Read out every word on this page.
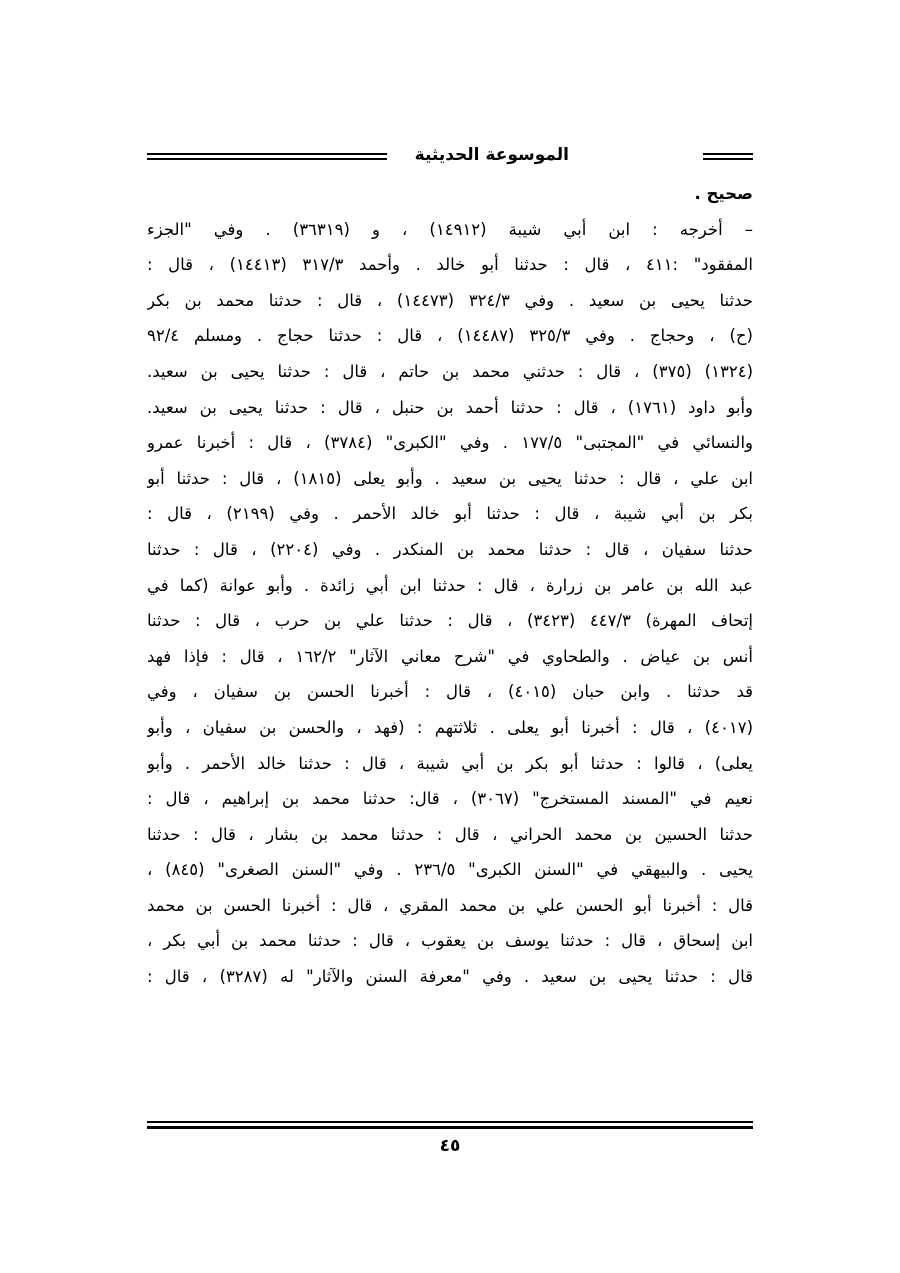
الموسوعة الحديثية
صحيح .
– أخرجه : ابن أبي شيبة (١٤٩١٢) ، و (٣٦٣١٩) . وفي "الجزء
المفقود" :٤١١ ، قال : حدثنا أبو خالد . وأحمد ٣١٧/٣ (١٤٤١٣) ، قال :
حدثنا يحيى بن سعيد . وفي ٣٢٤/٣ (١٤٤٧٣) ، قال : حدثنا محمد بن بكر
(ح) ، وحجاج . وفي ٣٢٥/٣ (١٤٤٨٧) ، قال : حدثنا حجاج . ومسلم ٩٢/٤
(١٣٢٤) (٣٧٥) ، قال : حدثني محمد بن حاتم ، قال : حدثنا يحيى بن سعيد.
وأبو داود (١٧٦١) ، قال : حدثنا أحمد بن حنبل ، قال : حدثنا يحيى بن سعيد.
والنسائي في "المجتبى" ١٧٧/٥ . وفي "الكبرى" (٣٧٨٤) ، قال : أخبرنا عمرو
ابن علي ، قال : حدثنا يحيى بن سعيد . وأبو يعلى (١٨١٥) ، قال : حدثنا أبو
بكر بن أبي شيبة ، قال : حدثنا أبو خالد الأحمر . وفي (٢١٩٩) ، قال :
حدثنا سفيان ، قال : حدثنا محمد بن المنكدر . وفي (٢٢٠٤) ، قال : حدثنا
عبد الله بن عامر بن زرارة ، قال : حدثنا ابن أبي زائدة . وأبو عوانة (كما في
إتحاف المهرة) ٤٤٧/٣ (٣٤٢٣) ، قال : حدثنا علي بن حرب ، قال : حدثنا
أنس بن عياض . والطحاوي في "شرح معاني الآثار" ١٦٢/٢ ، قال : فإذا فهد
قد حدثنا . وابن حبان (٤٠١٥) ، قال : أخبرنا الحسن بن سفيان ، وفي
(٤٠١٧) ، قال : أخبرنا أبو يعلى . ثلاثتهم : (فهد ، والحسن بن سفيان ، وأبو
يعلى) ، قالوا : حدثنا أبو بكر بن أبي شيبة ، قال : حدثنا خالد الأحمر . وأبو
نعيم في "المسند المستخرج" (٣٠٦٧) ، قال: حدثنا محمد بن إبراهيم ، قال :
حدثنا الحسين بن محمد الحراني ، قال : حدثنا محمد بن بشار ، قال : حدثنا
يحيى . والبيهقي في "السنن الكبرى" ٢٣٦/٥ . وفي "السنن الصغرى" (٨٤٥) ،
قال : أخبرنا أبو الحسن علي بن محمد المقري ، قال : أخبرنا الحسن بن محمد
ابن إسحاق ، قال : حدثنا يوسف بن يعقوب ، قال : حدثنا محمد بن أبي بكر ،
قال : حدثنا يحيى بن سعيد . وفي "معرفة السنن والآثار" له (٣٢٨٧) ، قال :
٤٥
